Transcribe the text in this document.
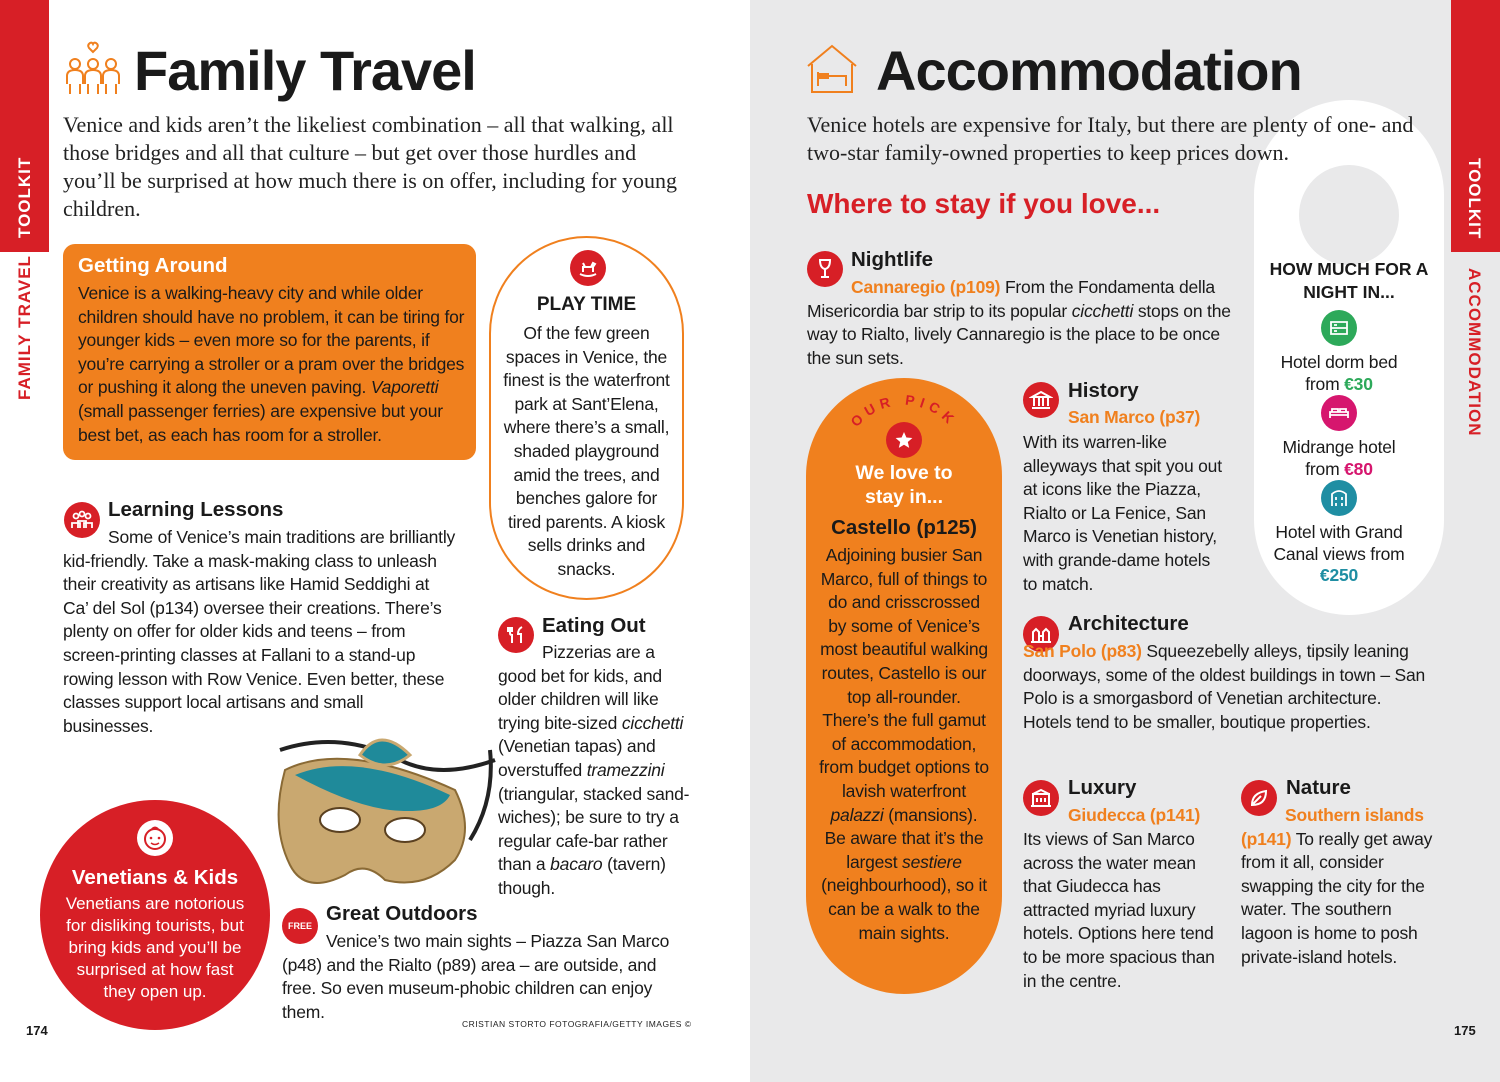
TOOLKIT
FAMILY TRAVEL
Family Travel
Venice and kids aren’t the likeliest combination – all that walking, all those bridges and all that culture – but get over those hurdles and you’ll be surprised at how much there is on offer, including for young children.
Getting Around
Venice is a walking-heavy city and while older children should have no problem, it can be tiring for younger kids – even more so for the parents, if you’re carrying a stroller or a pram over the bridges or pushing it along the uneven paving. Vaporetti (small passenger ferries) are expensive but your best bet, as each has room for a stroller.
PLAY TIME
Of the few green spaces in Venice, the finest is the waterfront park at Sant’Elena, where there’s a small, shaded playground amid the trees, and benches galore for tired parents. A kiosk sells drinks and snacks.
Learning Lessons
Some of Venice’s main traditions are brilliantly kid-friendly. Take a mask-making class to unleash their creativity as artisans like Hamid Seddighi at Ca’ del Sol (p134) oversee their creations. There’s plenty on offer for older kids and teens – from screen-printing classes at Fallani to a stand-up rowing lesson with Row Venice. Even better, these classes support local artisans and small businesses.
Eating Out
Pizzerias are a good bet for kids, and older children will like trying bite-sized cicchetti (Venetian tapas) and overstuffed tramezzini (triangular, stacked sand-wiches); be sure to try a regular cafe-bar rather than a bacaro (tavern) though.
FREE
Great Outdoors
Venice’s two main sights – Piazza San Marco (p48) and the Rialto (p89) area – are outside, and free. So even museum-phobic children can enjoy them.
Venetians & Kids
Venetians are notorious for disliking tourists, but bring kids and you’ll be surprised at how fast they open up.
CRISTIAN STORTO FOTOGRAFIA/GETTY IMAGES ©
174
TOOLKIT
ACCOMMODATION
Accommodation
Venice hotels are expensive for Italy, but there are plenty of one- and two-star family-owned properties to keep prices down.
Where to stay if you love...
Nightlife
Cannaregio (p109) From the Fondamenta della Misericordia bar strip to its popular cicchetti stops on the way to Rialto, lively Cannaregio is the place to be once the sun sets.
OUR PICK
We love to stay in...
Castello (p125)
Adjoining busier San Marco, full of things to do and crisscrossed by some of Venice’s most beautiful walking routes, Castello is our top all-rounder. There’s the full gamut of accommodation, from budget options to lavish waterfront palazzi (mansions). Be aware that it’s the largest sestiere (neighbourhood), so it can be a walk to the main sights.
History
San Marco (p37)
With its warren-like alleyways that spit you out at icons like the Piazza, Rialto or La Fenice, San Marco is Venetian history, with grande-dame hotels to match.
Architecture
San Polo (p83) Squeezebelly alleys, tipsily leaning doorways, some of the oldest buildings in town – San Polo is a smorgasbord of Venetian architecture. Hotels tend to be smaller, boutique properties.
Luxury
Giudecca (p141)
Its views of San Marco across the water mean that Giudecca has attracted myriad luxury hotels. Options here tend to be more spacious than in the centre.
Nature
Southern islands (p141) To really get away from it all, consider swapping the city for the water. The southern lagoon is home to posh private-island hotels.
HOW MUCH FOR A NIGHT IN...
Hotel dorm bed from €30
Midrange hotel from €80
Hotel with Grand Canal views from
€250
175
